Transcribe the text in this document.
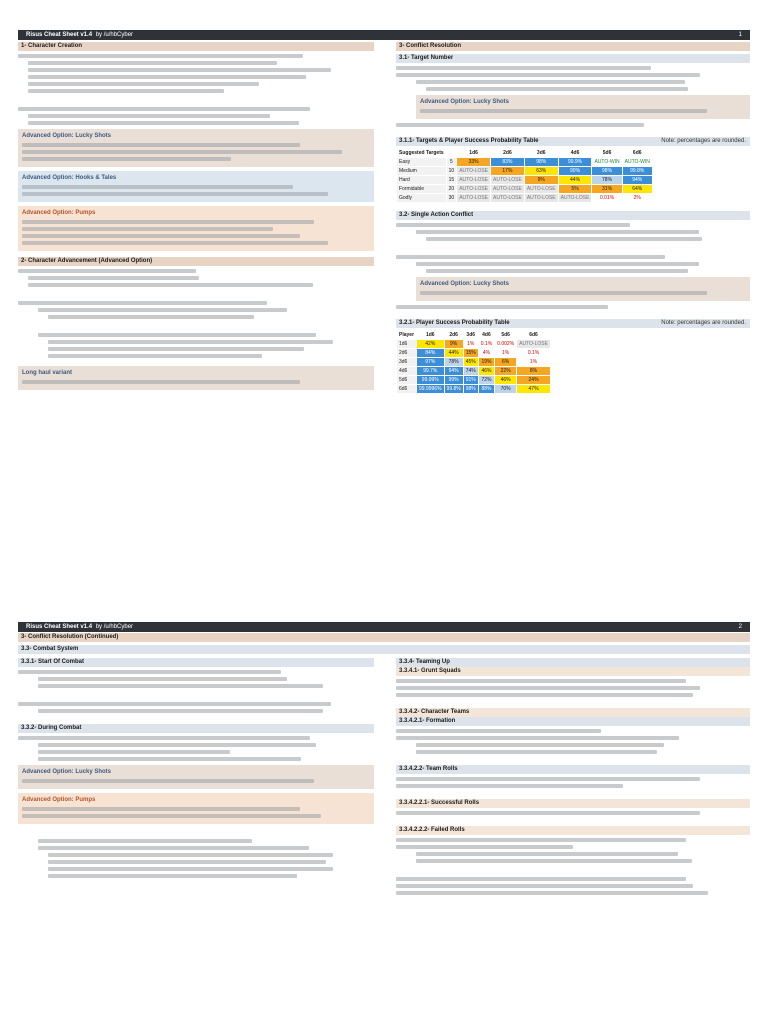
Risus Cheat Sheet v1.4 by /u/hbCyber	1
1- Character Creation
Advanced Option: Lucky Shots
Advanced Option: Hooks & Tales
Advanced Option: Pumps
2- Character Advancement (Advanced Option)
Long haul variant
3- Conflict Resolution
3.1- Target Number
Advanced Option: Lucky Shots
3.1.1- Targets & Player Success Probability Table	Note: percentages are rounded.
Suggested Targets		1d6	2d6	3d6	4d6	5d6	6d6
Easy	5	33%	83%	98%	99.9%	AUTO-WIN	AUTO-WIN
Medium	10	AUTO-LOSE	17%	63%	90%	98%	99.8%
Hard	15	AUTO-LOSE	AUTO-LOSE	9%	44%	78%	94%
Formidable	20	AUTO-LOSE	AUTO-LOSE	AUTO-LOSE	5%	31%	64%
Godly	30	AUTO-LOSE	AUTO-LOSE	AUTO-LOSE	AUTO-LOSE	0.01%	2%
3.2- Single Action Conflict
Advanced Option: Lucky Shots
3.2.1- Player Success Probability Table	Note: percentages are rounded.
Player	1d6	2d6	3d6	4d6	5d6	6d6
1d6	42%	9%	1%	0.1%	0.002%	AUTO-LOSE
2d6	84%	44%	15%	4%	1%	0.1%
3d6	97%	78%	45%	19%	6%	1%
4d6	99.7%	94%	74%	46%	22%	8%
5d6	99.99%	99%	91%	72%	46%	24%
6d6	99.9996%	99.8%	98%	88%	70%	47%
Risus Cheat Sheet v1.4 by /u/hbCyber	2
3- Conflict Resolution (Continued)
3.3- Combat System
3.3.1- Start Of Combat
3.3.2- During Combat
Advanced Option: Lucky Shots
Advanced Option: Pumps
3.3.4- Teaming Up
3.3.4.1- Grunt Squads
3.3.4.2- Character Teams
3.3.4.2.1- Formation
3.3.4.2.2- Team Rolls
3.3.4.2.2.1- Successful Rolls
3.3.4.2.2.2- Failed Rolls
